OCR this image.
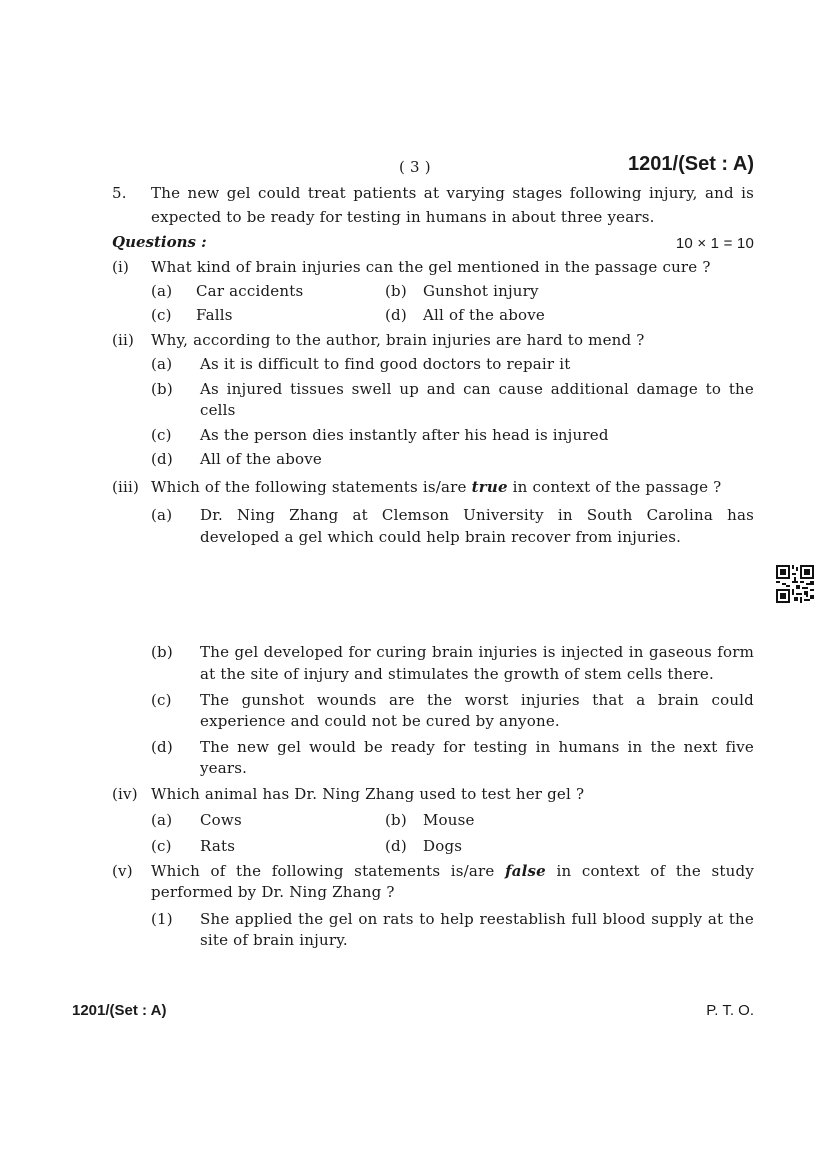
( 3 )	1201/(Set : A)
5. The new gel could treat patients at varying stages following injury, and is
expected to be ready for testing in humans in about three years.
Questions :	10 × 1 = 10
(i) What kind of brain injuries can the gel mentioned in the passage cure ?
(a) Car accidents	(b) Gunshot injury
(c) Falls	(d) All of the above
(ii) Why, according to the author, brain injuries are hard to mend ?
(a) As it is difficult to find good doctors to repair it
(b) As injured tissues swell up and can cause additional damage to the
cells
(c) As the person dies instantly after his head is injured
(d) All of the above
(iii) Which of the following statements is/are true in context of the passage ?
(a) Dr. Ning Zhang at Clemson University in South Carolina has
developed a gel which could help brain recover from injuries.
(b) The gel developed for curing brain injuries is injected in gaseous form
at the site of injury and stimulates the growth of stem cells there.
(c) The gunshot wounds are the worst injuries that a brain could
experience and could not be cured by anyone.
(d) The new gel would be ready for testing in humans in the next five
years.
(iv) Which animal has Dr. Ning Zhang used to test her gel ?
(a) Cows	(b) Mouse
(c) Rats	(d) Dogs
(v) Which of the following statements is/are false in context of the study
performed by Dr. Ning Zhang ?
(1) She applied the gel on rats to help reestablish full blood supply at the
site of brain injury.
1201/(Set : A)	P. T. O.
